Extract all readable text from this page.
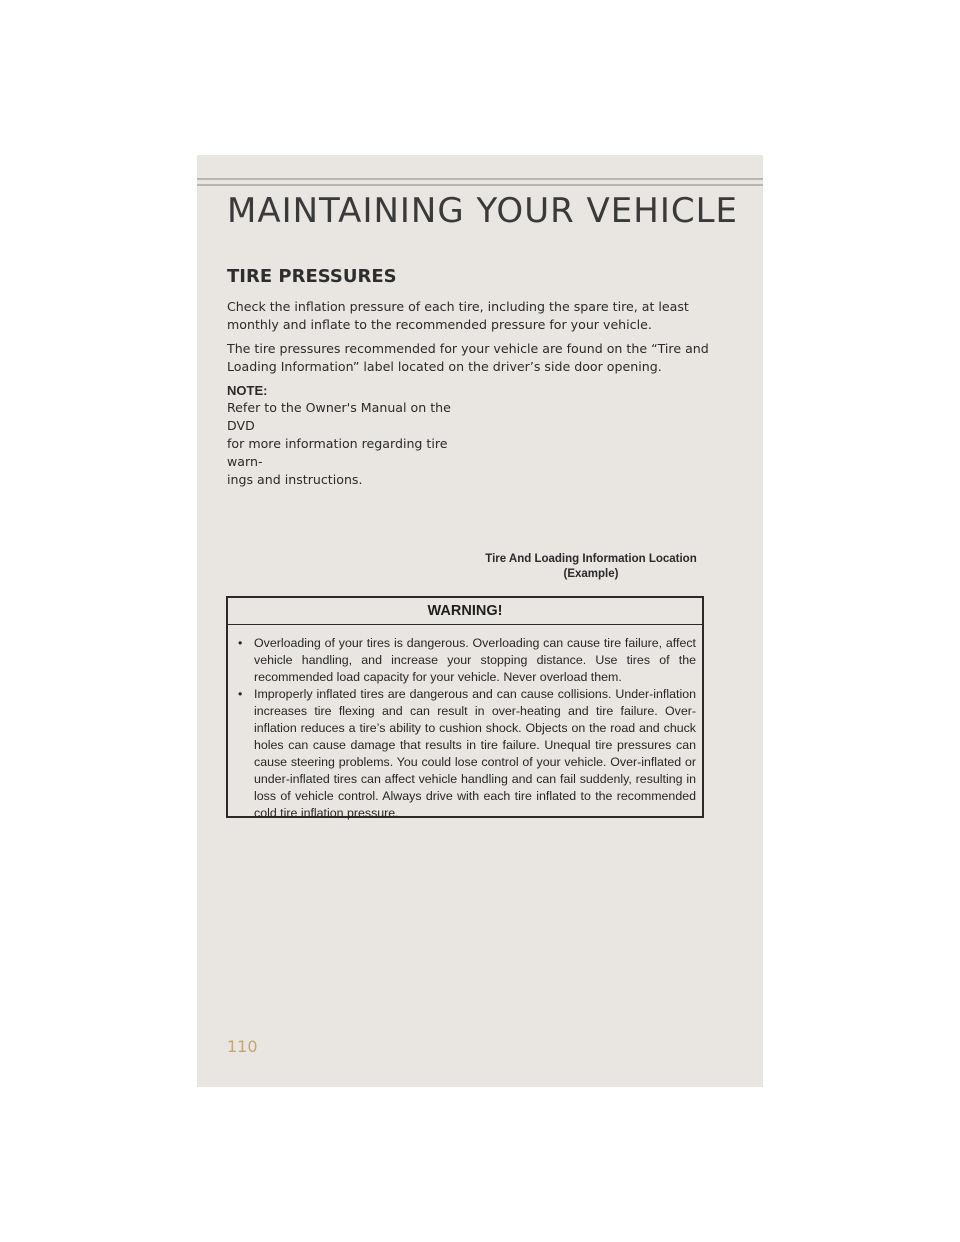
MAINTAINING YOUR VEHICLE
TIRE PRESSURES

Check the inflation pressure of each tire, including the spare tire, at least monthly and inflate to the recommended pressure for your vehicle.

The tire pressures recommended for your vehicle are found on the “Tire and Loading Information” label located on the driver’s side door opening.

NOTE:

Refer to the Owner's Manual on the DVD
for more information regarding tire warn-
ings and instructions.

Tire And Loading Information Location
(Example)
WARNING!
• Overloading of your tires is dangerous. Overloading can cause tire failure, affect vehicle handling, and increase your stopping distance. Use tires of the recommended load capacity for your vehicle. Never overload them.
• Improperly inflated tires are dangerous and can cause collisions. Under-inflation increases tire flexing and can result in over-heating and tire failure. Over-inflation reduces a tire’s ability to cushion shock. Objects on the road and chuck holes can cause damage that results in tire failure. Unequal tire pressures can cause steering problems. You could lose control of your vehicle. Over-inflated or under-inflated tires can affect vehicle handling and can fail suddenly, resulting in loss of vehicle control. Always drive with each tire inflated to the recommended cold tire inflation pressure.
110
